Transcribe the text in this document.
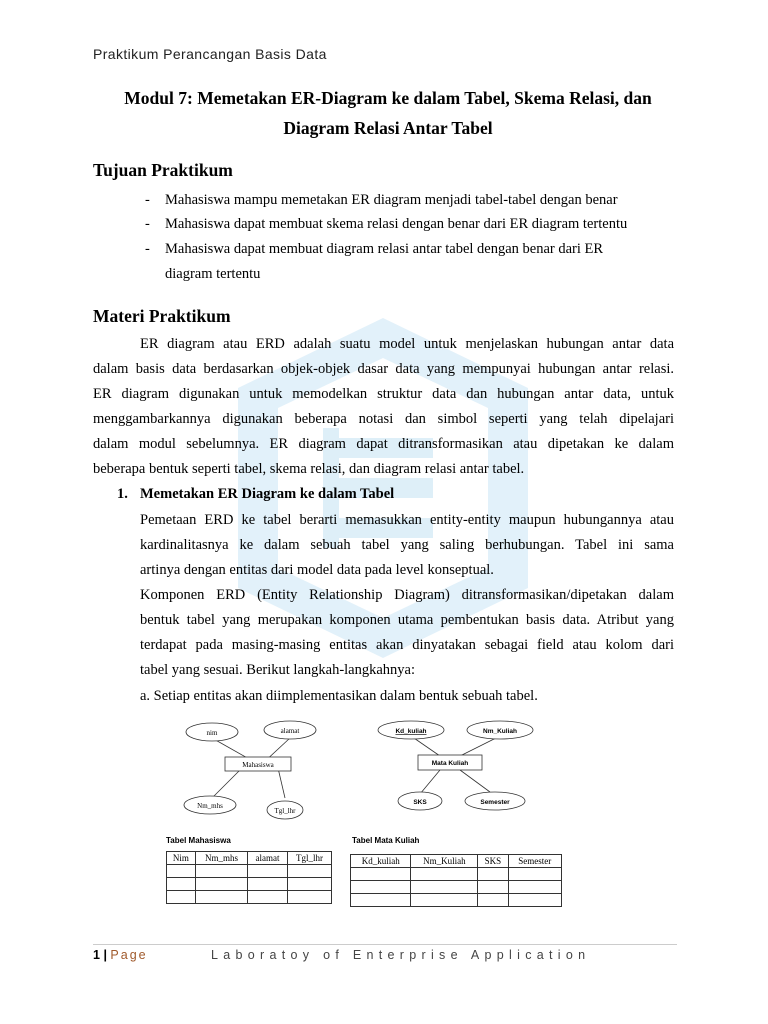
Praktikum Perancangan Basis Data
Modul 7: Memetakan ER-Diagram ke dalam Tabel, Skema Relasi, dan
Diagram Relasi Antar Tabel
Tujuan Praktikum
- Mahasiswa mampu memetakan ER diagram menjadi tabel-tabel dengan benar
- Mahasiswa dapat membuat skema relasi dengan benar dari ER diagram tertentu
- Mahasiswa dapat membuat diagram relasi antar tabel dengan benar dari ER
diagram tertentu
Materi Praktikum
ER diagram atau ERD adalah suatu model untuk menjelaskan hubungan antar data
dalam basis data berdasarkan objek-objek dasar data yang mempunyai hubungan antar relasi.
ER diagram digunakan untuk memodelkan struktur data dan hubungan antar data, untuk
menggambarkannya digunakan beberapa notasi dan simbol seperti yang telah dipelajari
dalam modul sebelumnya. ER diagram dapat ditransformasikan atau dipetakan ke dalam
beberapa bentuk seperti tabel, skema relasi, dan diagram relasi antar tabel.
1. Memetakan ER Diagram ke dalam Tabel
Pemetaan ERD ke tabel berarti memasukkan entity-entity maupun hubungannya atau
kardinalitasnya ke dalam sebuah tabel yang saling berhubungan. Tabel ini sama
artinya dengan entitas dari model data pada level konseptual.
Komponen ERD (Entity Relationship Diagram) ditransformasikan/dipetakan dalam
bentuk tabel yang merupakan komponen utama pembentukan basis data. Atribut yang
terdapat pada masing-masing entitas akan dinyatakan sebagai field atau kolom dari
tabel yang sesuai. Berikut langkah-langkahnya:
a. Setiap entitas akan diimplementasikan dalam bentuk sebuah tabel.
nim	alamat
Mahasiswa
Nm_mhs
Tgl_lhr
Kd_kuliah	Nm_Kuliah
Mata Kuliah
SKS	Semester
Tabel Mahasiswa
Nim	Nm_mhs	alamat	Tgl_lhr

Tabel Mata Kuliah
Kd_kuliah	Nm_Kuliah	SKS	Semester

1 | Page	Laboratoy of Enterprise Application
